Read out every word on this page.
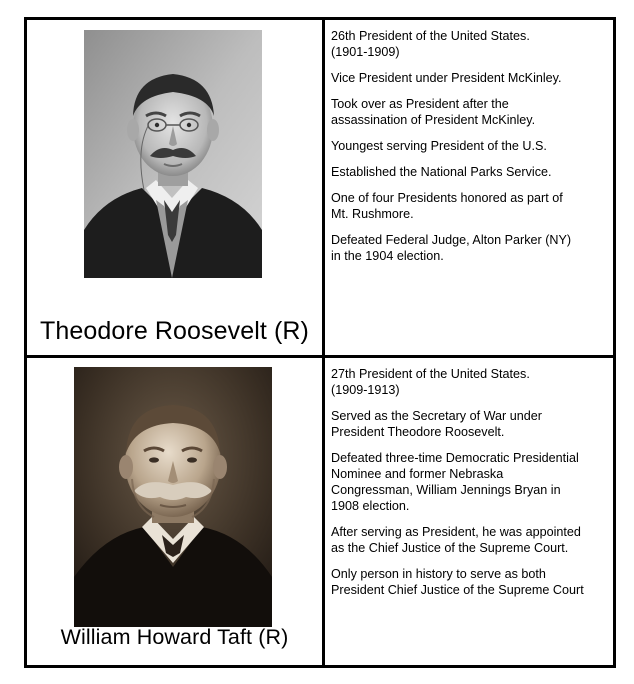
Theodore Roosevelt (R)
26th President of the United States.
(1901-1909)
Vice President under President McKinley.
Took over as President after the
assassination of President McKinley.
Youngest serving President of the U.S.
Established the National Parks Service.
One of four Presidents honored as part of
Mt. Rushmore.
Defeated Federal Judge, Alton Parker (NY)
in the 1904 election.
William Howard Taft (R)
27th President of the United States.
(1909-1913)
Served as the Secretary of War under
President Theodore Roosevelt.
Defeated three-time Democratic Presidential
Nominee and former Nebraska
Congressman, William Jennings Bryan in
1908 election.
After serving as President, he was appointed
as the Chief Justice of the Supreme Court.
Only person in history to serve as both
President Chief Justice of the Supreme Court
